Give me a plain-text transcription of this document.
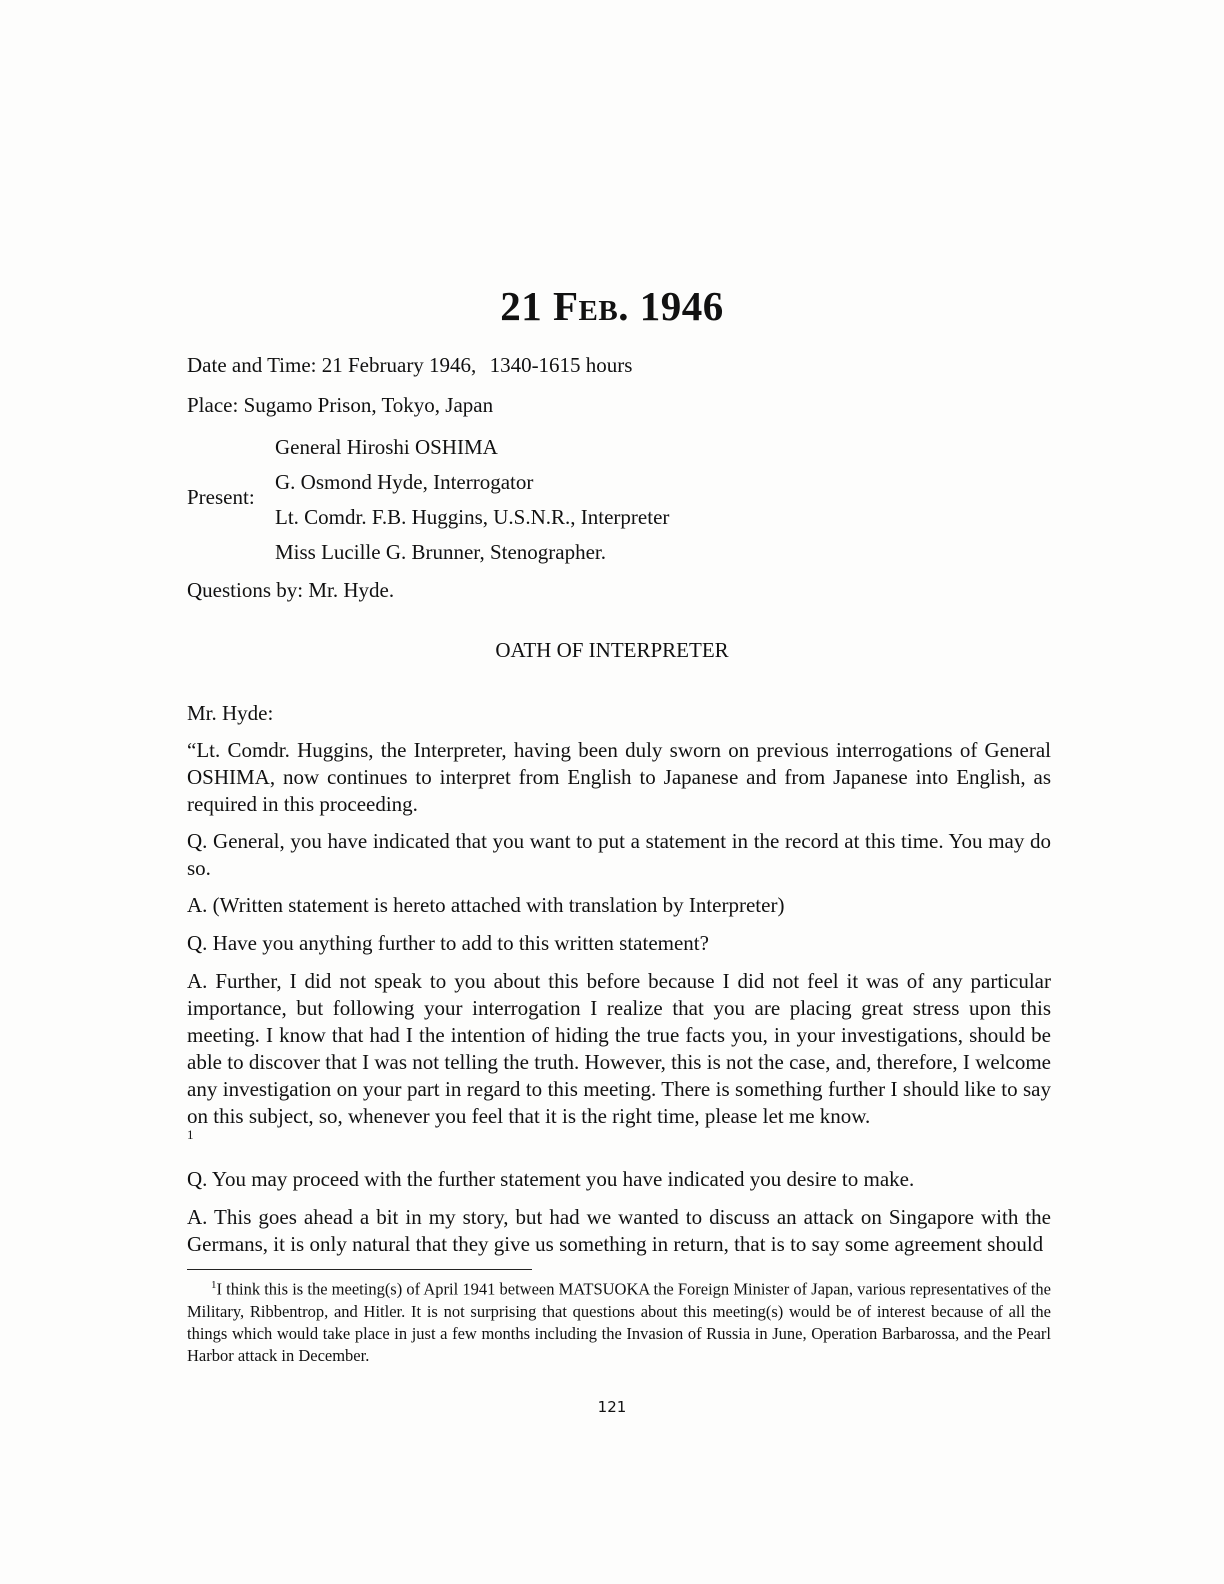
21 Feb. 1946
Date and Time: 21 February 1946, 1340-1615 hours
Place: Sugamo Prison, Tokyo, Japan
Present:
General Hiroshi OSHIMA
G. Osmond Hyde, Interrogator
Lt. Comdr. F.B. Huggins, U.S.N.R., Interpreter
Miss Lucille G. Brunner, Stenographer.
Questions by: Mr. Hyde.
OATH OF INTERPRETER
Mr. Hyde:
“Lt. Comdr. Huggins, the Interpreter, having been duly sworn on previous interrogations of General OSHIMA, now continues to interpret from English to Japanese and from Japanese into English, as required in this proceeding.
Q. General, you have indicated that you want to put a statement in the record at this time. You may do so.
A. (Written statement is hereto attached with translation by Interpreter)
Q. Have you anything further to add to this written statement?
A. Further, I did not speak to you about this before because I did not feel it was of any particular importance, but following your interrogation I realize that you are placing great stress upon this meeting. I know that had I the intention of hiding the true facts you, in your investigations, should be able to discover that I was not telling the truth. However, this is not the case, and, therefore, I welcome any investigation on your part in regard to this meeting. There is something further I should like to say on this subject, so, whenever you feel that it is the right time, please let me know.
1
Q. You may proceed with the further statement you have indicated you desire to make.
A. This goes ahead a bit in my story, but had we wanted to discuss an attack on Singapore with the Germans, it is only natural that they give us something in return, that is to say some agreement should
$^1$I think this is the meeting(s) of April 1941 between MATSUOKA the Foreign Minister of Japan, various representatives of the Military, Ribbentrop, and Hitler. It is not surprising that questions about this meeting(s) would be of interest because of all the things which would take place in just a few months including the Invasion of Russia in June, Operation Barbarossa, and the Pearl Harbor attack in December.
121
